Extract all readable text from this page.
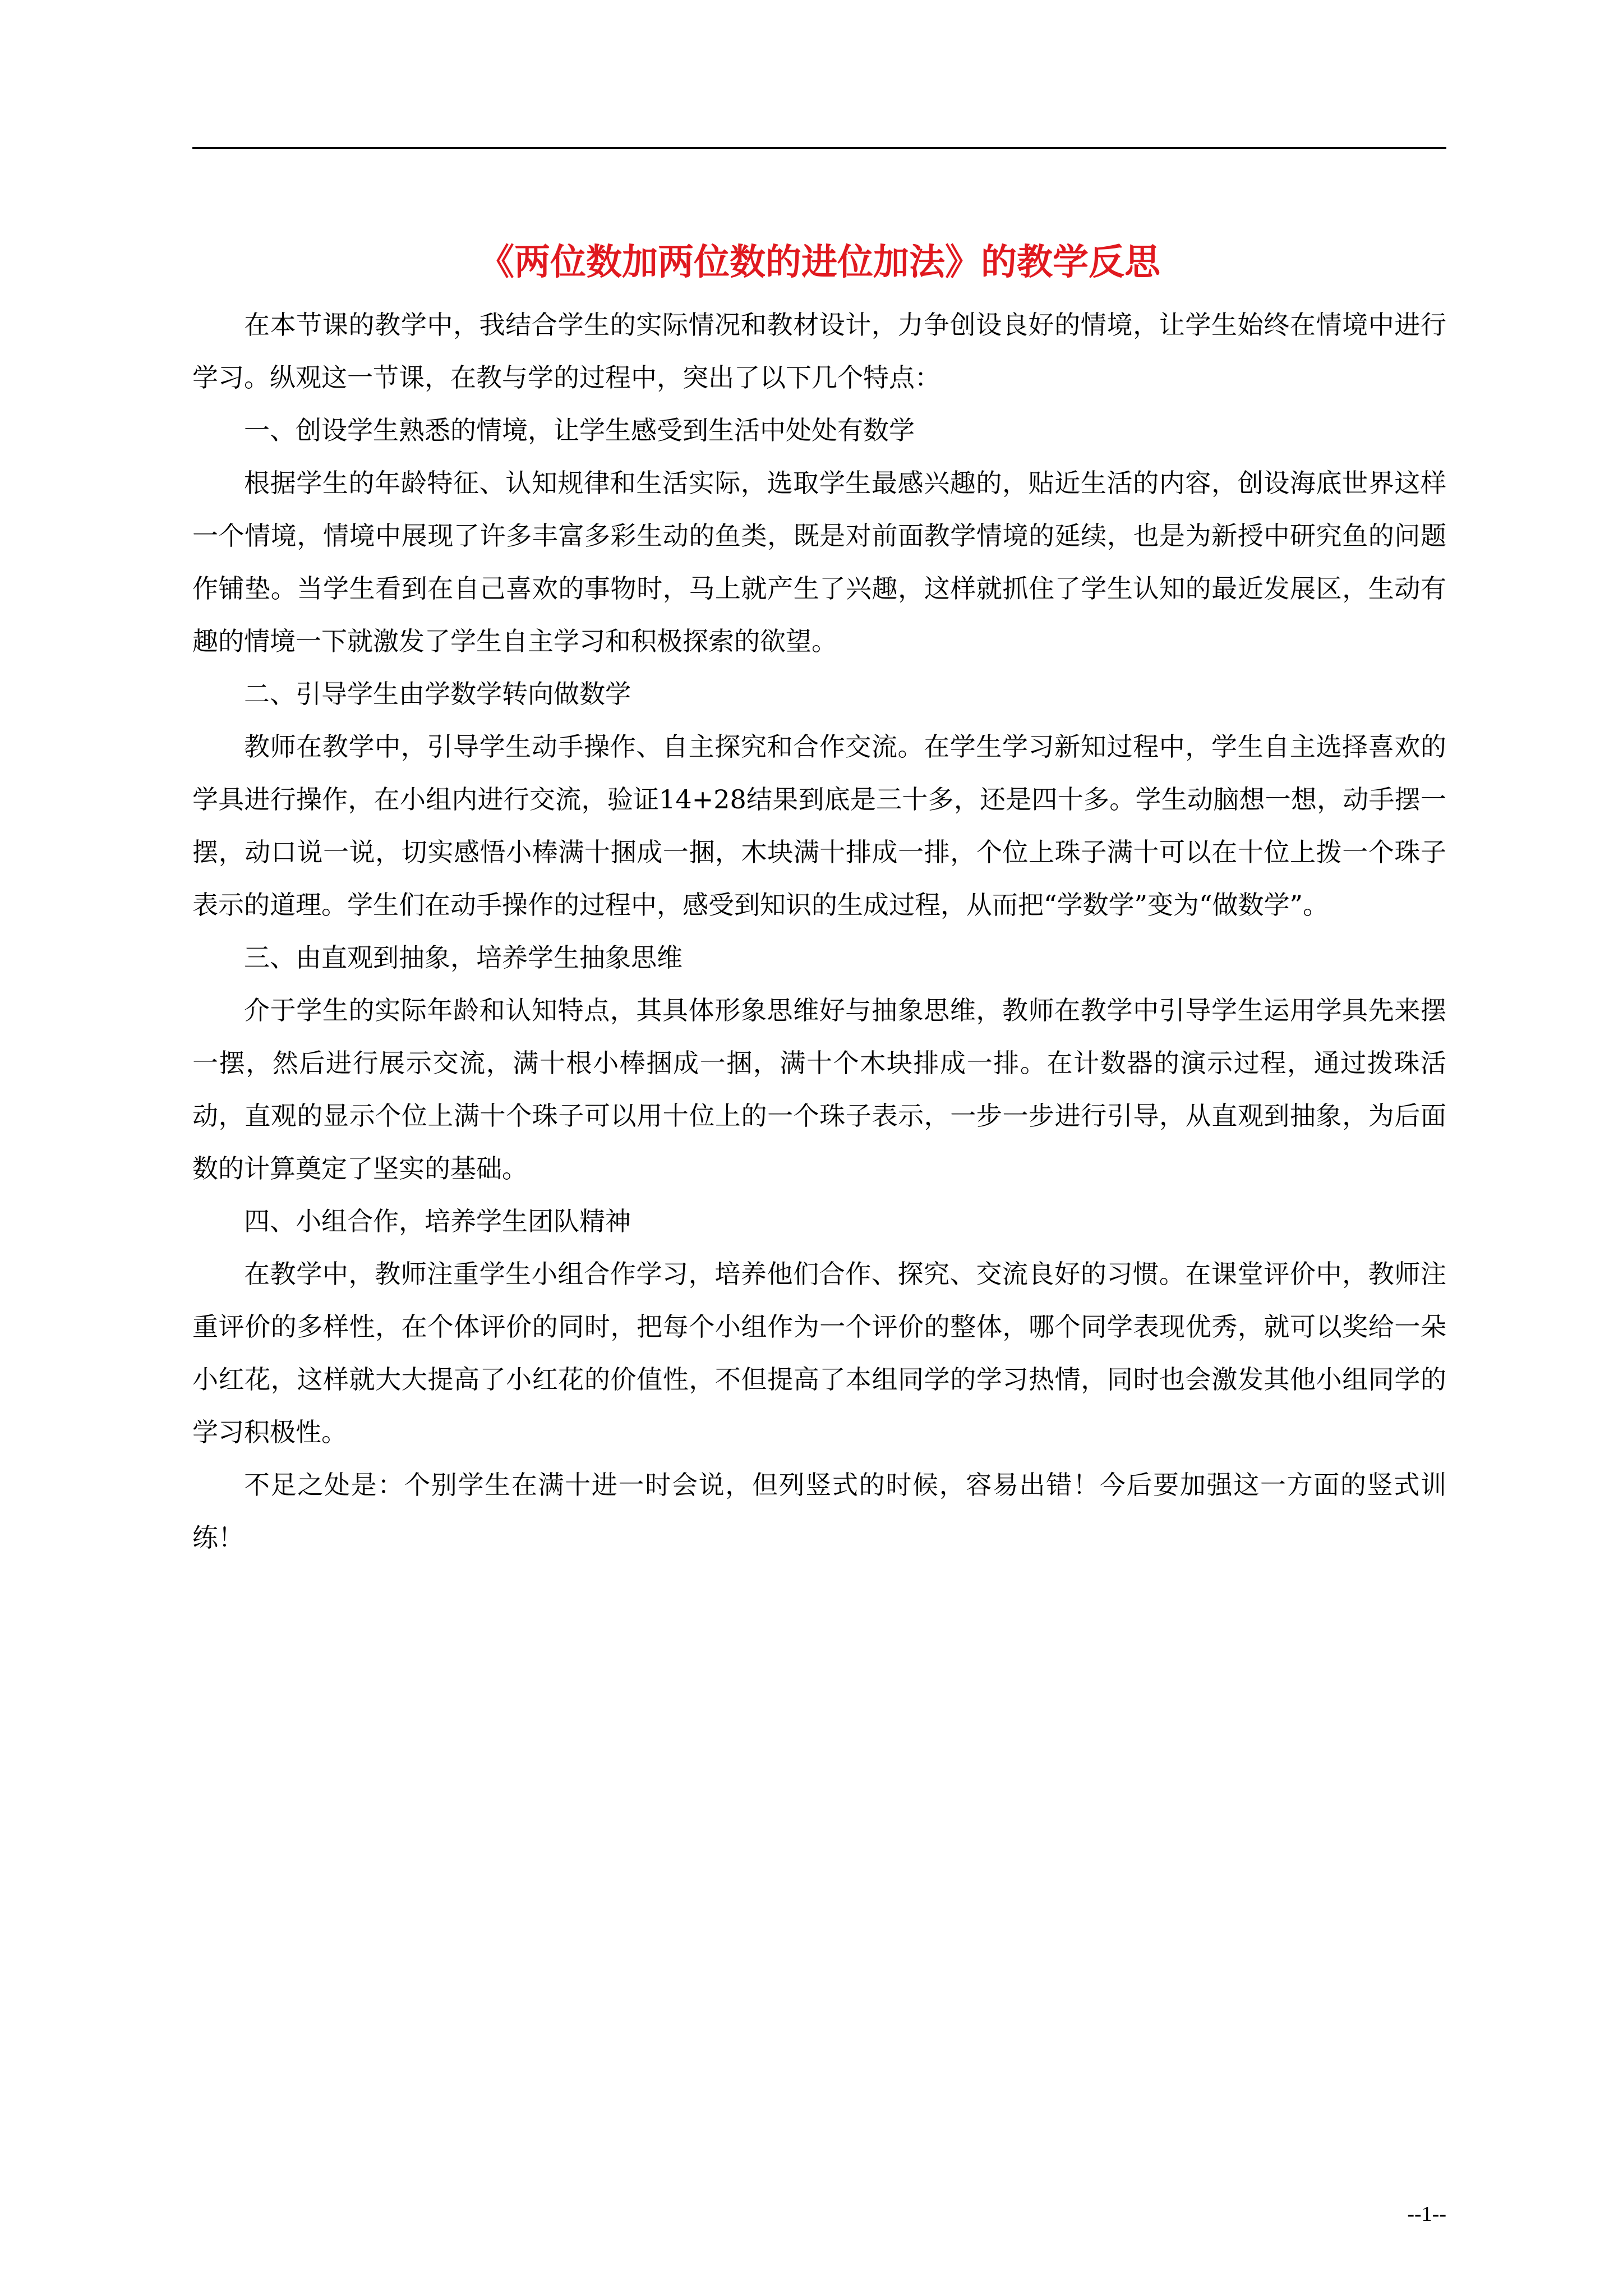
《两位数加两位数的进位加法》的教学反思

在本节课的教学中，我结合学生的实际情况和教材设计，力争创设良好的情境，让学生始终在情境中进行学习。纵观这一节课，在教与学的过程中，突出了以下几个特点：

一、创设学生熟悉的情境，让学生感受到生活中处处有数学

根据学生的年龄特征、认知规律和生活实际，选取学生最感兴趣的，贴近生活的内容，创设海底世界这样一个情境，情境中展现了许多丰富多彩生动的鱼类，既是对前面教学情境的延续，也是为新授中研究鱼的问题作铺垫。当学生看到在自己喜欢的事物时，马上就产生了兴趣，这样就抓住了学生认知的最近发展区，生动有趣的情境一下就激发了学生自主学习和积极探索的欲望。

二、引导学生由学数学转向做数学

教师在教学中，引导学生动手操作、自主探究和合作交流。在学生学习新知过程中，学生自主选择喜欢的学具进行操作，在小组内进行交流，验证14+28结果到底是三十多，还是四十多。学生动脑想一想，动手摆一摆，动口说一说，切实感悟小棒满十捆成一捆，木块满十排成一排，个位上珠子满十可以在十位上拨一个珠子表示的道理。学生们在动手操作的过程中，感受到知识的生成过程，从而把“学数学”变为“做数学”。

三、由直观到抽象，培养学生抽象思维

介于学生的实际年龄和认知特点，其具体形象思维好与抽象思维，教师在教学中引导学生运用学具先来摆一摆，然后进行展示交流，满十根小棒捆成一捆，满十个木块排成一排。在计数器的演示过程，通过拨珠活动，直观的显示个位上满十个珠子可以用十位上的一个珠子表示，一步一步进行引导，从直观到抽象，为后面数的计算奠定了坚实的基础。

四、小组合作，培养学生团队精神

在教学中，教师注重学生小组合作学习，培养他们合作、探究、交流良好的习惯。在课堂评价中，教师注重评价的多样性，在个体评价的同时，把每个小组作为一个评价的整体，哪个同学表现优秀，就可以奖给一朵小红花，这样就大大提高了小红花的价值性，不但提高了本组同学的学习热情，同时也会激发其他小组同学的学习积极性。

不足之处是：个别学生在满十进一时会说，但列竖式的时候，容易出错！今后要加强这一方面的竖式训练！

--1--
